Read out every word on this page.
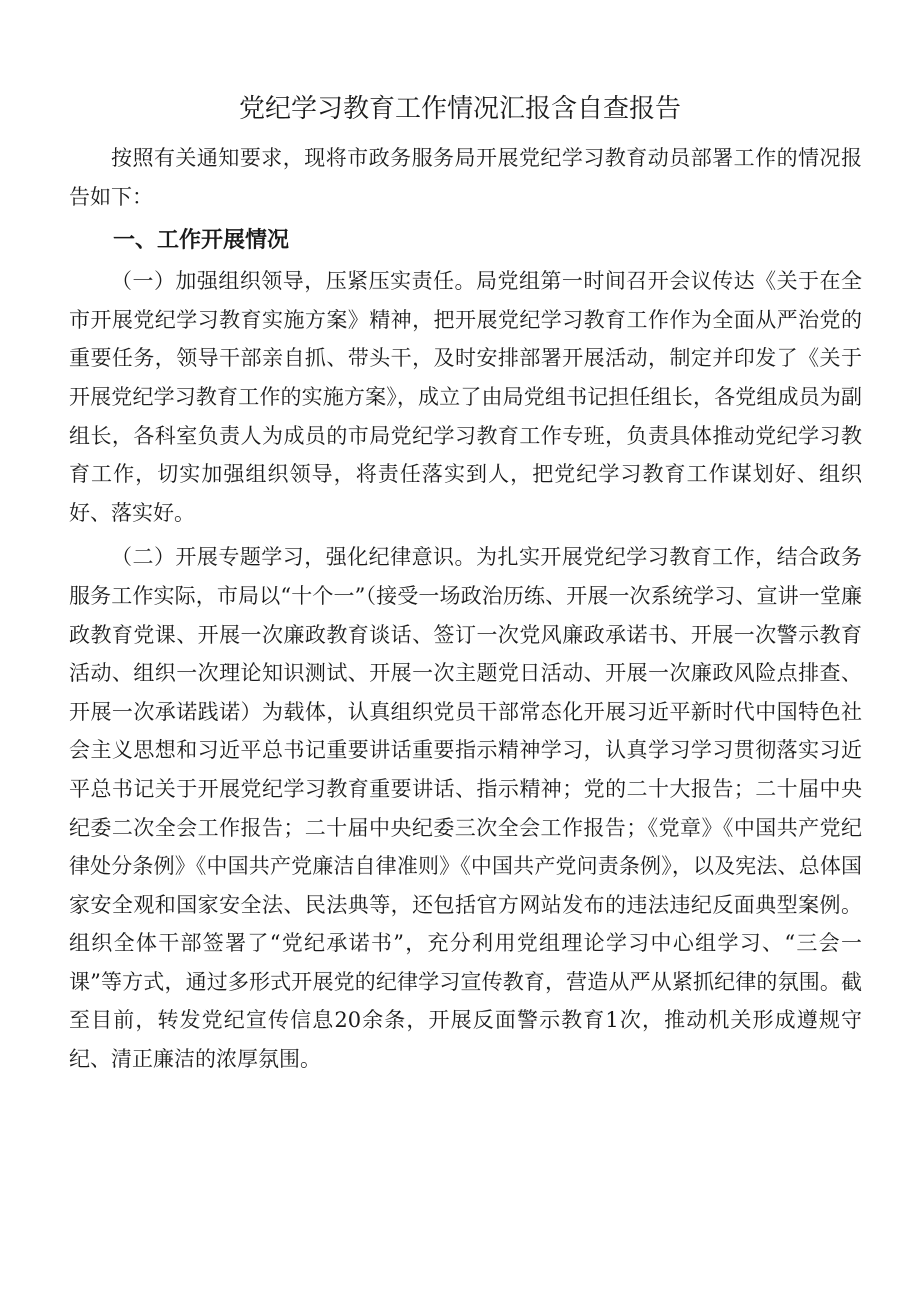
党纪学习教育工作情况汇报含自查报告

按照有关通知要求，现将市政务服务局开展党纪学习教育动员部署工作的情况报告如下：

一、工作开展情况

（一）加强组织领导，压紧压实责任。局党组第一时间召开会议传达《关于在全市开展党纪学习教育实施方案》精神，把开展党纪学习教育工作作为全面从严治党的重要任务，领导干部亲自抓、带头干，及时安排部署开展活动，制定并印发了《关于开展党纪学习教育工作的实施方案》，成立了由局党组书记担任组长，各党组成员为副组长，各科室负责人为成员的市局党纪学习教育工作专班，负责具体推动党纪学习教育工作，切实加强组织领导，将责任落实到人，把党纪学习教育工作谋划好、组织好、落实好。

（二）开展专题学习，强化纪律意识。为扎实开展党纪学习教育工作，结合政务服务工作实际，市局以“十个一”（接受一场政治历练、开展一次系统学习、宣讲一堂廉政教育党课、开展一次廉政教育谈话、签订一次党风廉政承诺书、开展一次警示教育活动、组织一次理论知识测试、开展一次主题党日活动、开展一次廉政风险点排查、开展一次承诺践诺）为载体，认真组织党员干部常态化开展习近平新时代中国特色社会主义思想和习近平总书记重要讲话重要指示精神学习，认真学习学习贯彻落实习近平总书记关于开展党纪学习教育重要讲话、指示精神；党的二十大报告；二十届中央纪委二次全会工作报告；二十届中央纪委三次全会工作报告；《党章》《中国共产党纪律处分条例》《中国共产党廉洁自律准则》《中国共产党问责条例》，以及宪法、总体国家安全观和国家安全法、民法典等，还包括官方网站发布的违法违纪反面典型案例。组织全体干部签署了“党纪承诺书”，充分利用党组理论学习中心组学习、“三会一课”等方式，通过多形式开展党的纪律学习宣传教育，营造从严从紧抓纪律的氛围。截至目前，转发党纪宣传信息20余条，开展反面警示教育1次，推动机关形成遵规守纪、清正廉洁的浓厚氛围。
